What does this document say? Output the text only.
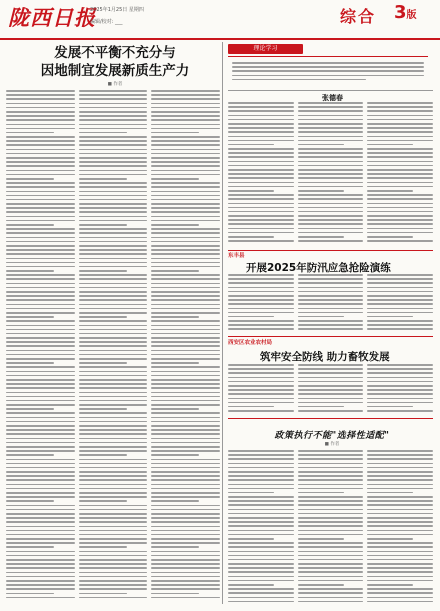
陇西日报
2025年1月25日 星期四
编辑/校对: ___	综合 3版
发展不平衡不充分与
因地制宜发展新质生产力
■ 作者
理论学习
张德春
东丰县
开展2025年防汛应急抢险演练
西安区农业农村局
筑牢安全防线 助力畜牧发展
政策执行不能"选择性适配"
■ 作者
